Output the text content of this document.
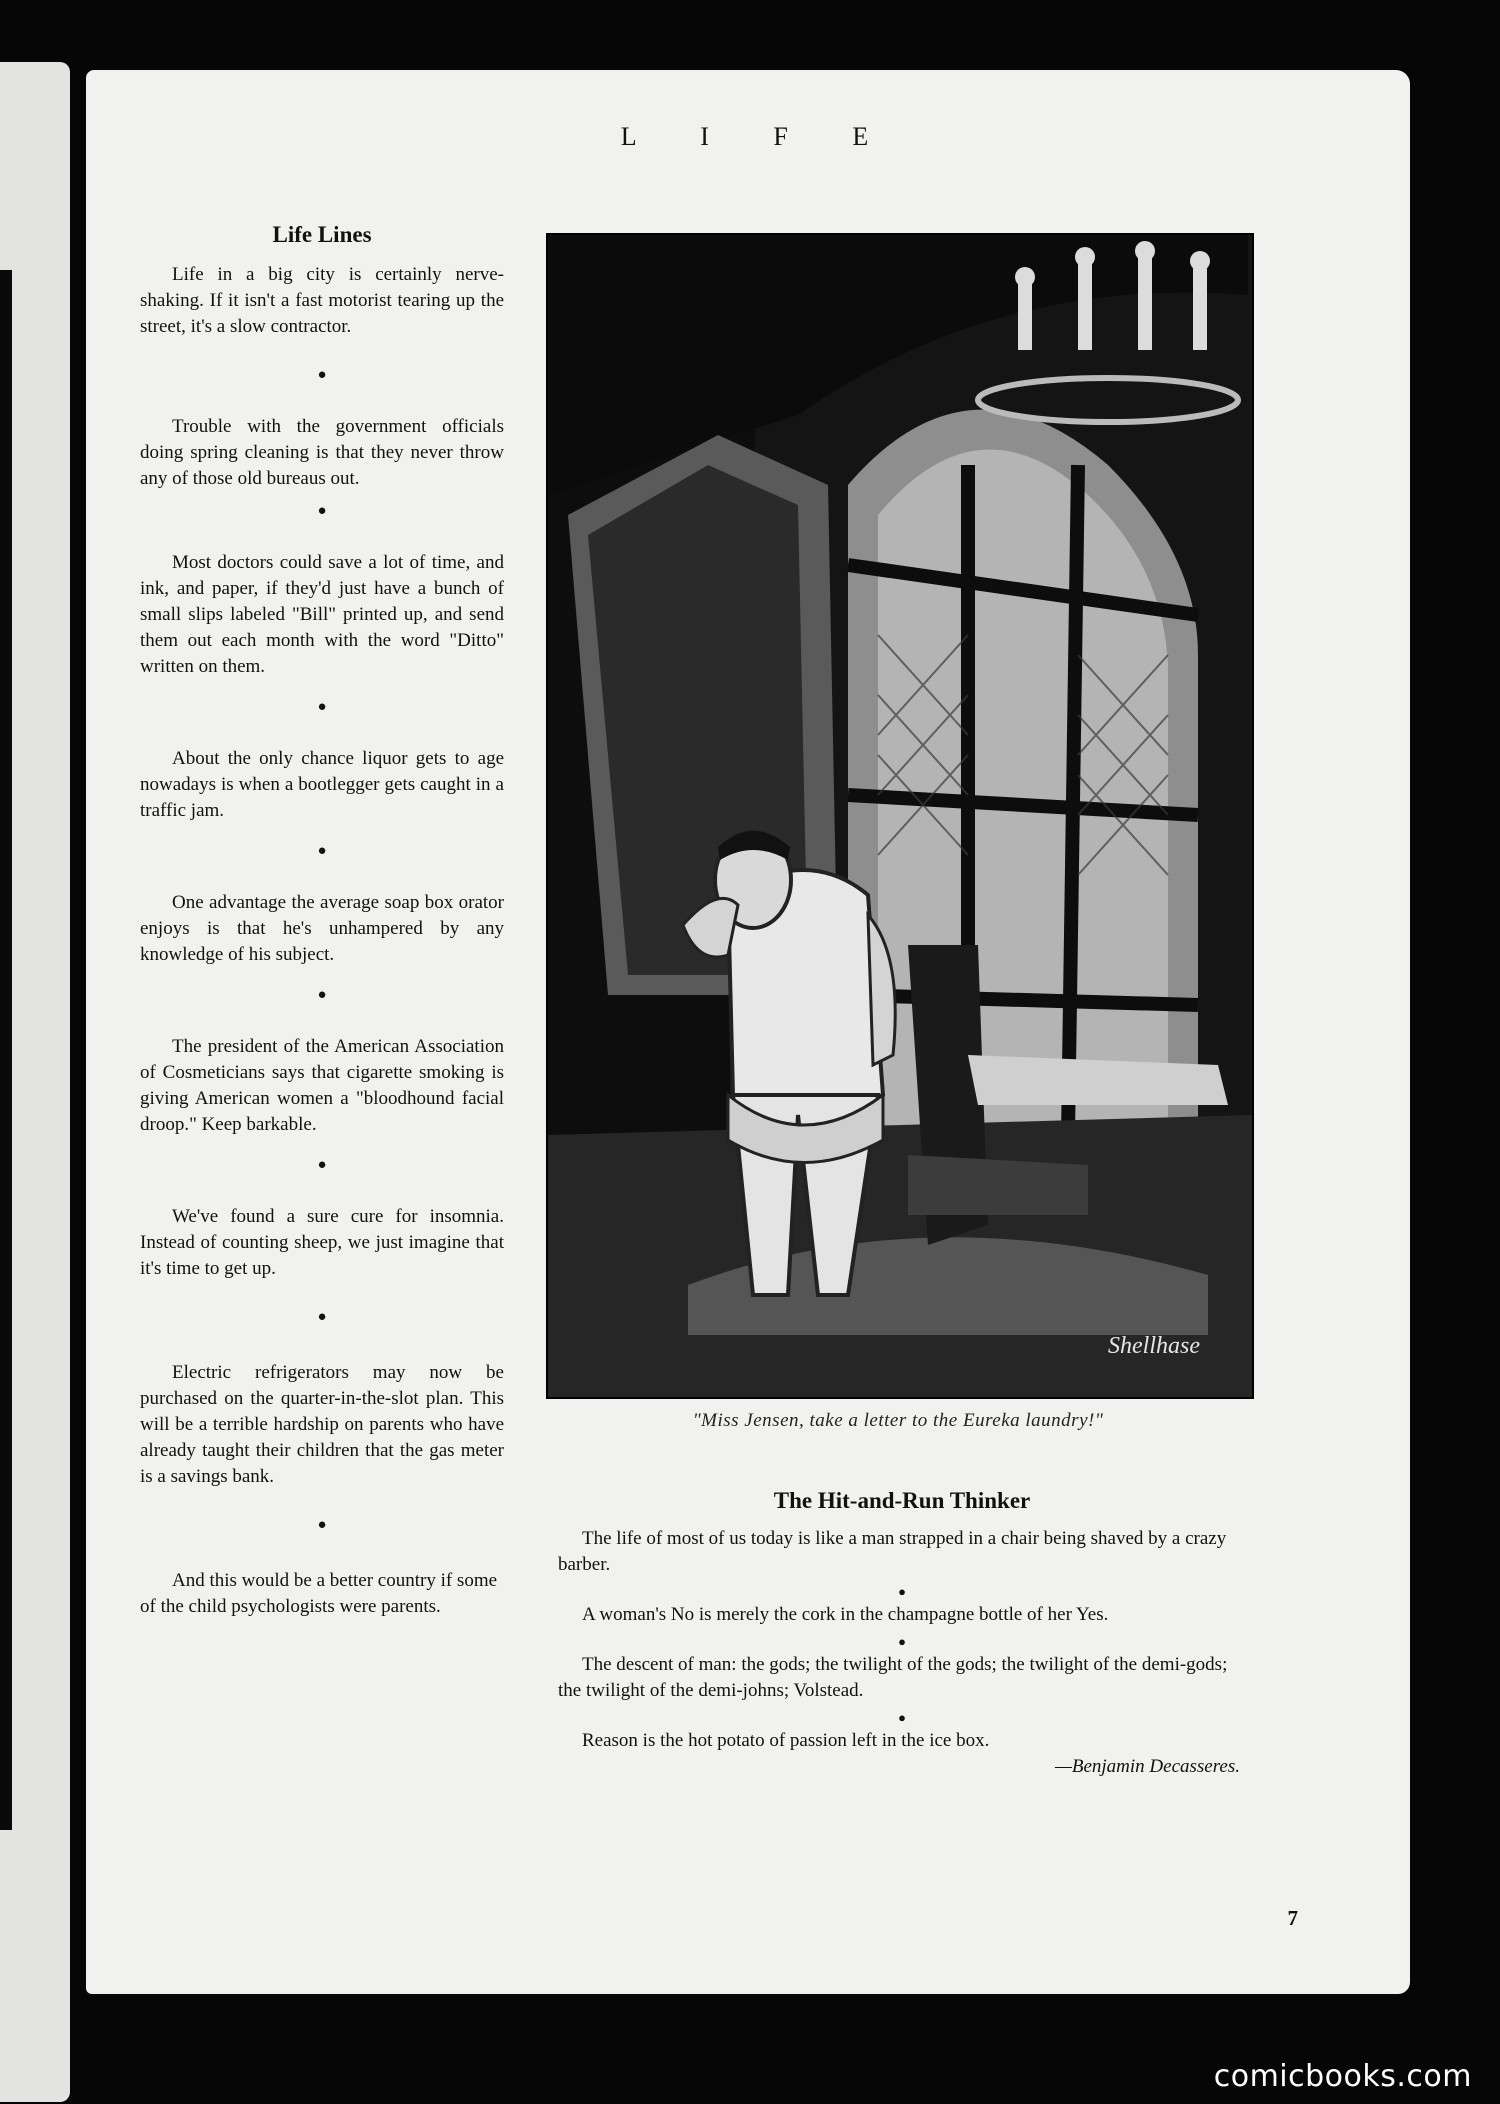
L I F E
Life Lines

Life in a big city is certainly nerve-shaking. If it isn't a fast motorist tearing up the street, it's a slow contractor.

●

Trouble with the government officials doing spring cleaning is that they never throw any of those old bureaus out.

●

Most doctors could save a lot of time, and ink, and paper, if they'd just have a bunch of small slips labeled "Bill" printed up, and send them out each month with the word "Ditto" written on them.

●

About the only chance liquor gets to age nowadays is when a bootlegger gets caught in a traffic jam.

●

One advantage the average soap box orator enjoys is that he's unhampered by any knowledge of his subject.

●

The president of the American Association of Cosmeticians says that cigarette smoking is giving American women a "bloodhound facial droop." Keep barkable.

●

We've found a sure cure for insomnia. Instead of counting sheep, we just imagine that it's time to get up.

●

Electric refrigerators may now be purchased on the quarter-in-the-slot plan. This will be a terrible hardship on parents who have already taught their children that the gas meter is a savings bank.

●

And this would be a better country if some of the child psychologists were parents.

Shellhase
"Miss Jensen, take a letter to the Eureka laundry!"
The Hit-and-Run Thinker

The life of most of us today is like a man strapped in a chair being shaved by a crazy barber.

●

A woman's No is merely the cork in the champagne bottle of her Yes.

●

The descent of man: the gods; the twilight of the gods; the twilight of the demi-gods; the twilight of the demi-johns; Volstead.

●

Reason is the hot potato of passion left in the ice box.

—Benjamin Decasseres.
7
comicbooks.com
